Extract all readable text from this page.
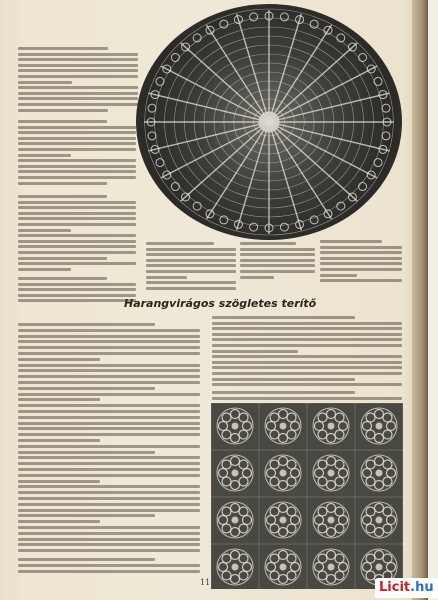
Harangvirágos szögletes terítő
11	Licit.hu
